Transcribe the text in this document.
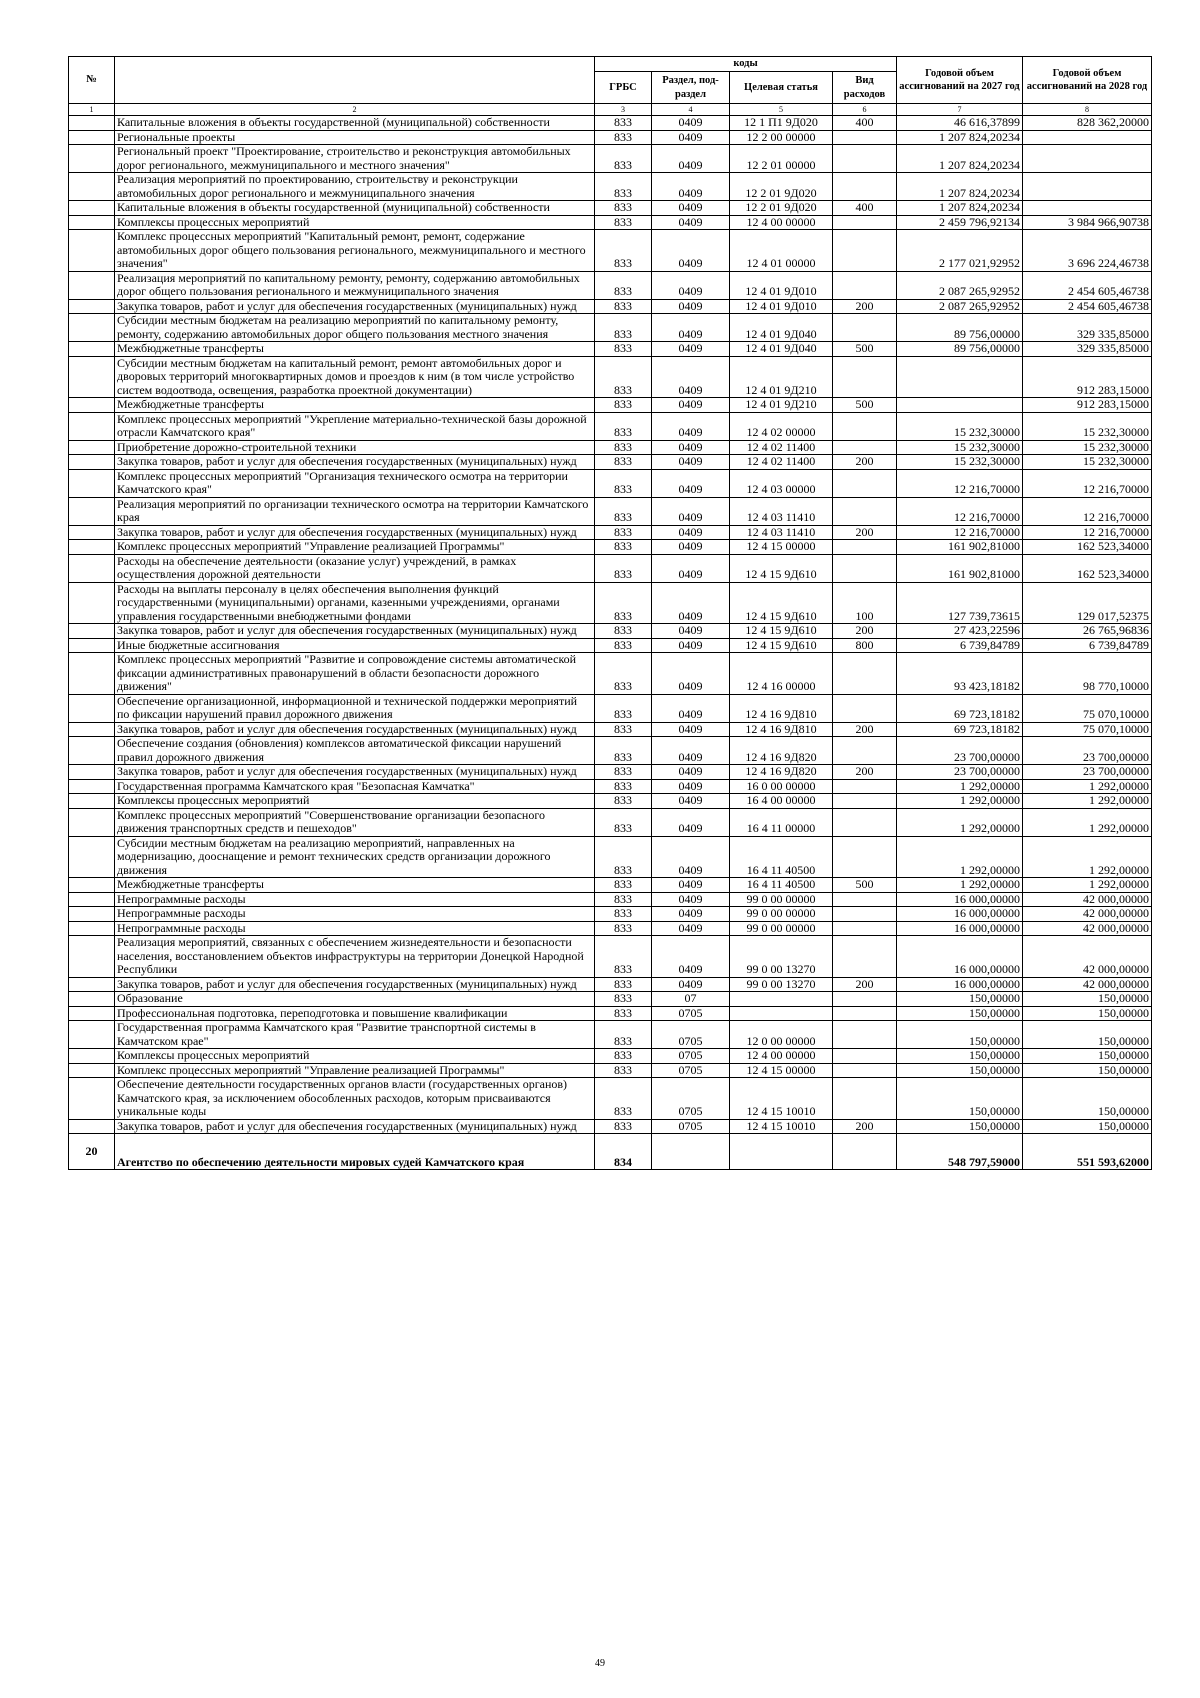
№		коды				Годовой объем ассигнований на 2027 год	Годовой объем ассигнований на 2028 год
		ГРБС	Раздел, под-раздел	Целевая статья	Вид расходов		
1	2	3	4	5	6	7	8
	Капитальные вложения в объекты государственной (муниципальной) собственности	833	0409	12 1 П1 9Д020	400	46 616,37899	828 362,20000
	Региональные проекты	833	0409	12 2 00 00000		1 207 824,20234	
	Региональный проект "Проектирование, строительство и реконструкция автомобильных дорог регионального, межмуниципального и местного значения"	833	0409	12 2 01 00000		1 207 824,20234	
	Реализация мероприятий по проектированию, строительству и реконструкции автомобильных дорог регионального и межмуниципального значения	833	0409	12 2 01 9Д020		1 207 824,20234	
	Капитальные вложения в объекты государственной (муниципальной) собственности	833	0409	12 2 01 9Д020	400	1 207 824,20234	
	Комплексы процессных мероприятий	833	0409	12 4 00 00000		2 459 796,92134	3 984 966,90738
	Комплекс процессных мероприятий "Капитальный ремонт, ремонт, содержание автомобильных дорог общего пользования регионального, межмуниципального и местного значения"	833	0409	12 4 01 00000		2 177 021,92952	3 696 224,46738
	Реализация мероприятий по капитальному ремонту, ремонту, содержанию автомобильных дорог общего пользования регионального и межмуниципального значения	833	0409	12 4 01 9Д010		2 087 265,92952	2 454 605,46738
	Закупка товаров, работ и услуг для обеспечения государственных (муниципальных) нужд	833	0409	12 4 01 9Д010	200	2 087 265,92952	2 454 605,46738
	Субсидии местным бюджетам на реализацию мероприятий по капитальному ремонту, ремонту, содержанию автомобильных дорог общего пользования местного значения	833	0409	12 4 01 9Д040		89 756,00000	329 335,85000
	Межбюджетные трансферты	833	0409	12 4 01 9Д040	500	89 756,00000	329 335,85000
	Субсидии местным бюджетам на капитальный ремонт, ремонт автомобильных дорог и дворовых территорий многоквартирных домов и проездов к ним (в том числе устройство систем водоотвода, освещения, разработка проектной документации)	833	0409	12 4 01 9Д210			912 283,15000
	Межбюджетные трансферты	833	0409	12 4 01 9Д210	500		912 283,15000
	Комплекс процессных мероприятий "Укрепление материально-технической базы дорожной отрасли Камчатского края"	833	0409	12 4 02 00000		15 232,30000	15 232,30000
	Приобретение дорожно-строительной техники	833	0409	12 4 02 11400		15 232,30000	15 232,30000
	Закупка товаров, работ и услуг для обеспечения государственных (муниципальных) нужд	833	0409	12 4 02 11400	200	15 232,30000	15 232,30000
	Комплекс процессных мероприятий "Организация технического осмотра на территории Камчатского края"	833	0409	12 4 03 00000		12 216,70000	12 216,70000
	Реализация мероприятий по организации технического осмотра на территории Камчатского края	833	0409	12 4 03 11410		12 216,70000	12 216,70000
	Закупка товаров, работ и услуг для обеспечения государственных (муниципальных) нужд	833	0409	12 4 03 11410	200	12 216,70000	12 216,70000
	Комплекс процессных мероприятий "Управление реализацией Программы"	833	0409	12 4 15 00000		161 902,81000	162 523,34000
	Расходы на обеспечение деятельности (оказание услуг) учреждений, в рамках осуществления дорожной деятельности	833	0409	12 4 15 9Д610		161 902,81000	162 523,34000
	Расходы на выплаты персоналу в целях обеспечения выполнения функций государственными (муниципальными) органами, казенными учреждениями, органами управления государственными внебюджетными фондами	833	0409	12 4 15 9Д610	100	127 739,73615	129 017,52375
	Закупка товаров, работ и услуг для обеспечения государственных (муниципальных) нужд	833	0409	12 4 15 9Д610	200	27 423,22596	26 765,96836
	Иные бюджетные ассигнования	833	0409	12 4 15 9Д610	800	6 739,84789	6 739,84789
	Комплекс процессных мероприятий "Развитие и сопровождение системы автоматической фиксации административных правонарушений в области безопасности дорожного движения"	833	0409	12 4 16 00000		93 423,18182	98 770,10000
	Обеспечение организационной, информационной и технической поддержки мероприятий по фиксации нарушений правил дорожного движения	833	0409	12 4 16 9Д810		69 723,18182	75 070,10000
	Закупка товаров, работ и услуг для обеспечения государственных (муниципальных) нужд	833	0409	12 4 16 9Д810	200	69 723,18182	75 070,10000
	Обеспечение создания (обновления) комплексов автоматической фиксации нарушений правил дорожного движения	833	0409	12 4 16 9Д820		23 700,00000	23 700,00000
	Закупка товаров, работ и услуг для обеспечения государственных (муниципальных) нужд	833	0409	12 4 16 9Д820	200	23 700,00000	23 700,00000
	Государственная программа Камчатского края "Безопасная Камчатка"	833	0409	16 0 00 00000		1 292,00000	1 292,00000
	Комплексы процессных мероприятий	833	0409	16 4 00 00000		1 292,00000	1 292,00000
	Комплекс процессных мероприятий "Совершенствование организации безопасного движения транспортных средств и пешеходов"	833	0409	16 4 11 00000		1 292,00000	1 292,00000
	Субсидии местным бюджетам на реализацию мероприятий, направленных на модернизацию, дооснащение и ремонт технических средств организации дорожного движения	833	0409	16 4 11 40500		1 292,00000	1 292,00000
	Межбюджетные трансферты	833	0409	16 4 11 40500	500	1 292,00000	1 292,00000
	Непрограммные расходы	833	0409	99 0 00 00000		16 000,00000	42 000,00000
	Непрограммные расходы	833	0409	99 0 00 00000		16 000,00000	42 000,00000
	Непрограммные расходы	833	0409	99 0 00 00000		16 000,00000	42 000,00000
	Реализация мероприятий, связанных с обеспечением жизнедеятельности и безопасности населения, восстановлением объектов инфраструктуры на территории Донецкой Народной Республики	833	0409	99 0 00 13270		16 000,00000	42 000,00000
	Закупка товаров, работ и услуг для обеспечения государственных (муниципальных) нужд	833	0409	99 0 00 13270	200	16 000,00000	42 000,00000
	Образование	833	07			150,00000	150,00000
	Профессиональная подготовка, переподготовка и повышение квалификации	833	0705			150,00000	150,00000
	Государственная программа Камчатского края "Развитие транспортной системы в Камчатском крае"	833	0705	12 0 00 00000		150,00000	150,00000
	Комплексы процессных мероприятий	833	0705	12 4 00 00000		150,00000	150,00000
	Комплекс процессных мероприятий "Управление реализацией Программы"	833	0705	12 4 15 00000		150,00000	150,00000
	Обеспечение деятельности государственных органов власти (государственных органов) Камчатского края, за исключением обособленных расходов, которым присваиваются уникальные коды	833	0705	12 4 15 10010		150,00000	150,00000
	Закупка товаров, работ и услуг для обеспечения государственных (муниципальных) нужд	833	0705	12 4 15 10010	200	150,00000	150,00000
20	Агентство по обеспечению деятельности мировых судей Камчатского края	834				548 797,59000	551 593,62000
49
